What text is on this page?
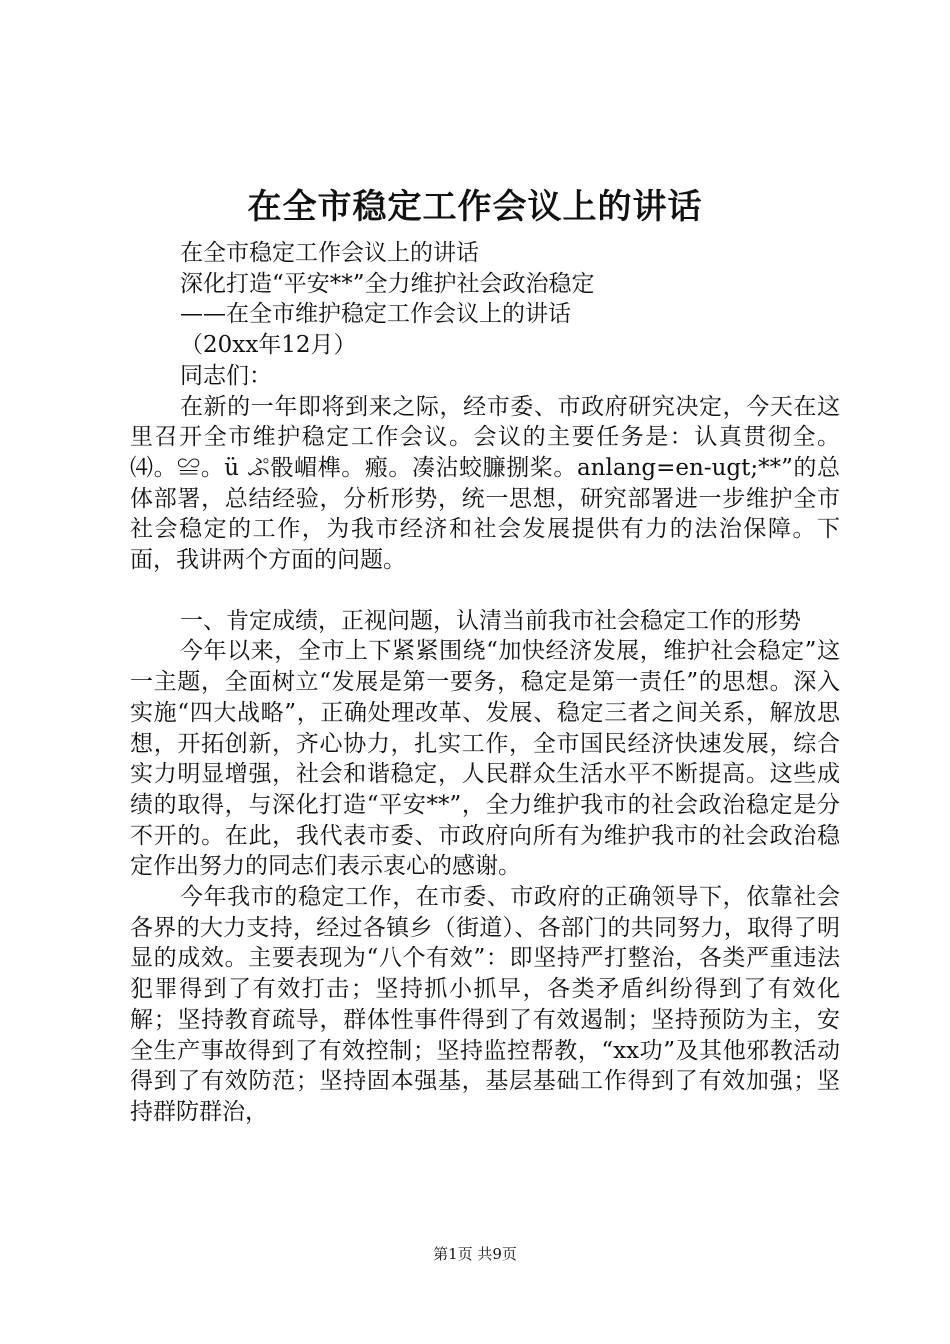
在全市稳定工作会议上的讲话

在全市稳定工作会议上的讲话

深化打造“平安**”全力维护社会政治稳定

——在全市维护稳定工作会议上的讲话

（20xx年12月）

同志们：

在新的一年即将到来之际，经市委、市政府研究决定，今天在这里召开全市维护稳定工作会议。会议的主要任务是：认真贯彻全。⑷。≌。ü ぷ骰嵋榫。瘢。凑沾蛟臁捌桨。anlang=en-ugt;**”的总体部署，总结经验，分析形势，统一思想，研究部署进一步维护全市社会稳定的工作，为我市经济和社会发展提供有力的法治保障。下面，我讲两个方面的问题。

一、肯定成绩，正视问题，认清当前我市社会稳定工作的形势

今年以来，全市上下紧紧围绕“加快经济发展，维护社会稳定”这一主题，全面树立“发展是第一要务，稳定是第一责任”的思想。深入实施“四大战略”，正确处理改革、发展、稳定三者之间关系，解放思想，开拓创新，齐心协力，扎实工作，全市国民经济快速发展，综合实力明显增强，社会和谐稳定，人民群众生活水平不断提高。这些成绩的取得，与深化打造“平安**”，全力维护我市的社会政治稳定是分不开的。在此，我代表市委、市政府向所有为维护我市的社会政治稳定作出努力的同志们表示衷心的感谢。

今年我市的稳定工作，在市委、市政府的正确领导下，依靠社会各界的大力支持，经过各镇乡（街道）、各部门的共同努力，取得了明显的成效。主要表现为“八个有效”：即坚持严打整治，各类严重违法犯罪得到了有效打击；坚持抓小抓早，各类矛盾纠纷得到了有效化解；坚持教育疏导，群体性事件得到了有效遏制；坚持预防为主，安全生产事故得到了有效控制；坚持监控帮教，“xx功”及其他邪教活动得到了有效防范；坚持固本强基，基层基础工作得到了有效加强；坚持群防群治，

第1页 共9页
